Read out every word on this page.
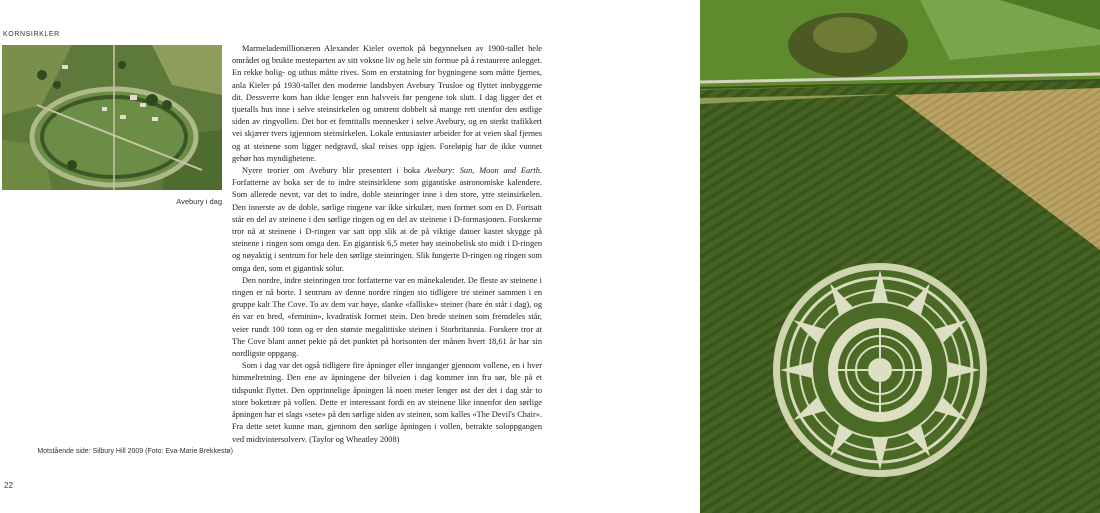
KORNSIRKLER
Avebury i dag

Marmelademillionæren Alexander Kieler overtok på begynnelsen av 1900-tallet hele området og brukte mesteparten av sitt voksne liv og hele sin formue på å restaurere anlegget. En rekke bolig- og uthus måtte rives. Som en erstatning for bygningene som måtte fjernes, anla Kieler på 1930-tallet den moderne landsbyen Avebury Trusloe og flyttet innbyggerne dit. Dessverre kom han ikke lenger enn halvveis før pengene tok slutt. I dag ligger det et tjuetalls hus inne i selve steinsirkelen og omtrent dobbelt så mange rett utenfor den østlige siden av ringvollen. Det bor et femtitalls mennesker i selve Avebury, og en sterkt trafikkert vei skjærer tvers igjennom steinsirkelen. Lokale entusiaster arbeider for at veien skal fjernes og at steinene som ligger nedgravd, skal reises opp igjen. Foreløpig har de ikke vunnet gehør hos myndighetene.

Nyere teorier om Avebury blir presentert i boka Avebury: Sun, Moon and Earth. Forfatterne av boka ser de to indre steinsirklene som gigantiske astronomiske kalendere. Som allerede nevnt, var det to indre, doble steinringer inne i den store, ytre steinsirkelen. Den innerste av de doble, sørlige ringene var ikke sirkulær, men formet som en D. Fortsatt står en del av steinene i den sørlige ringen og en del av steinene i D-formasjonen. Forskerne tror nå at steinene i D-ringen var satt opp slik at de på viktige datoer kastet skygge på steinene i ringen som omga den. En gigantisk 6,5 meter høy steinobelisk sto midt i D-ringen og nøyaktig i sentrum for hele den sørlige steinringen. Slik fungerte D-ringen og ringen som omga den, som et gigantisk solur.

Den nordre, indre steinringen tror forfatterne var en månekalender. De fleste av steinene i ringen er nå borte. I sentrum av denne nordre ringen sto tidligere tre steiner sammen i en gruppe kalt The Cove. To av dem var høye, slanke «falliske» steiner (bare én står i dag), og én var en bred, «feminin», kvadratisk formet stein. Den brede steinen som fremdeles står, veier rundt 100 tonn og er den største megalittiske steinen i Storbritannia. Forskere tror at The Cove blant annet pekte på det punktet på horisonten der månen hvert 18,61 år har sin nordligste oppgang.

Som i dag var det også tidligere fire åpninger eller innganger gjennom vollene, en i hver himmelretning. Den ene av åpningene der bilveien i dag kommer inn fra sør, ble på et tidspunkt flyttet. Den opprinnelige åpningen lå noen meter lenger øst der det i dag står to store boketrær på vollen. Dette er interessant fordi en av steinene like innenfor den sørlige åpningen har et slags «sete» på den sørlige siden av steinen, som kalles «The Devil's Chair». Fra dette setet kunne man, gjennom den sørlige åpningen i vollen, betrakte soloppgangen ved midtvintersolverv. (Taylor og Wheatley 2008)

Motstående side: Silbury Hill 2009 (Foto: Eva-Marie Brekkestø)
22
